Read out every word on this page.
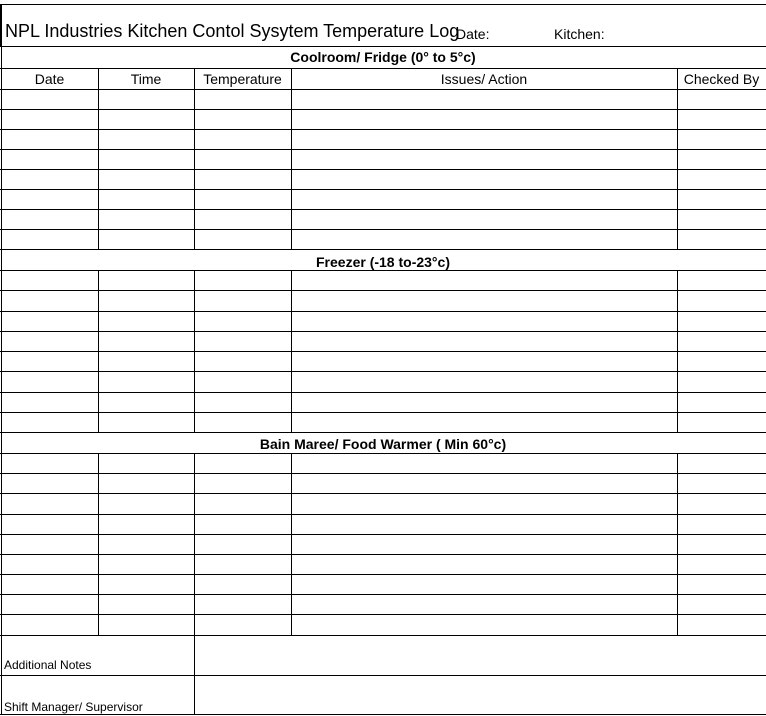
NPL Industries Kitchen Contol Sysytem Temperature Log
Date:	Kitchen:
Coolroom/ Fridge (0° to 5°c)
Freezer (-18 to-23°c)
Bain Maree/ Food Warmer ( Min 60°c)
Date	Time	Temperature	Issues/ Action	Checked By
Additional Notes
Shift Manager/ Supervisor
